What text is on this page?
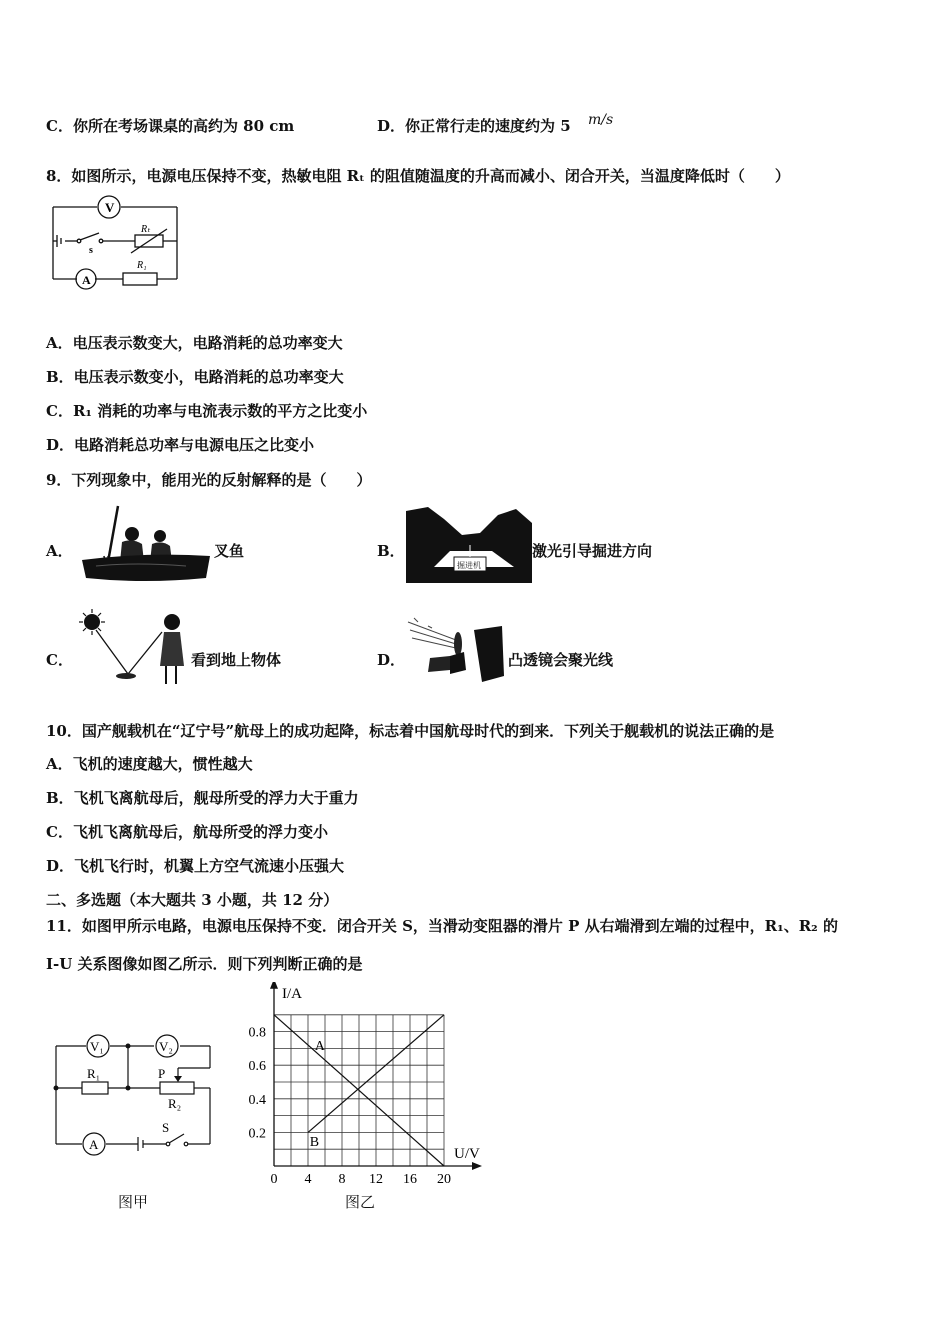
C．你所在考场课桌的高约为 80 cm	D．你正常行走的速度约为 5 m/s
8．如图所示，电源电压保持不变，热敏电阻 Rₜ 的阻值随温度的升高而减小、闭合开关，当温度降低时（　　）
V
A
s
Rₜ
R₁
A．电压表示数变大，电路消耗的总功率变大
B．电压表示数变小，电路消耗的总功率变大
C．R₁ 消耗的功率与电流表示数的平方之比变小
D．电路消耗总功率与电源电压之比变小
9．下列现象中，能用光的反射解释的是（　　）
A．	叉鱼	B．
掘进机
激光引导掘进方向
C．	看到地上物体	D．	凸透镜会聚光线
10．国产舰载机在“辽宁号”航母上的成功起降，标志着中国航母时代的到来．下列关于舰载机的说法正确的是
A．飞机的速度越大，惯性越大
B．飞机飞离航母后，舰母所受的浮力大于重力
C．飞机飞离航母后，航母所受的浮力变小
D．飞机飞行时，机翼上方空气流速小压强大
二、多选题（本大题共 3 小题，共 12 分）
11．如图甲所示电路，电源电压保持不变．闭合开关 S，当滑动变阻器的滑片 P 从右端滑到左端的过程中，R₁、R₂ 的
I-U 关系图像如图乙所示．则下列判断正确的是
V₁	V₂
R₁	P
R₂
A
S
图甲
A
B
0 4 8 12 16 20
0.2
0.4
0.6
0.8
U/V
I/A
图乙
